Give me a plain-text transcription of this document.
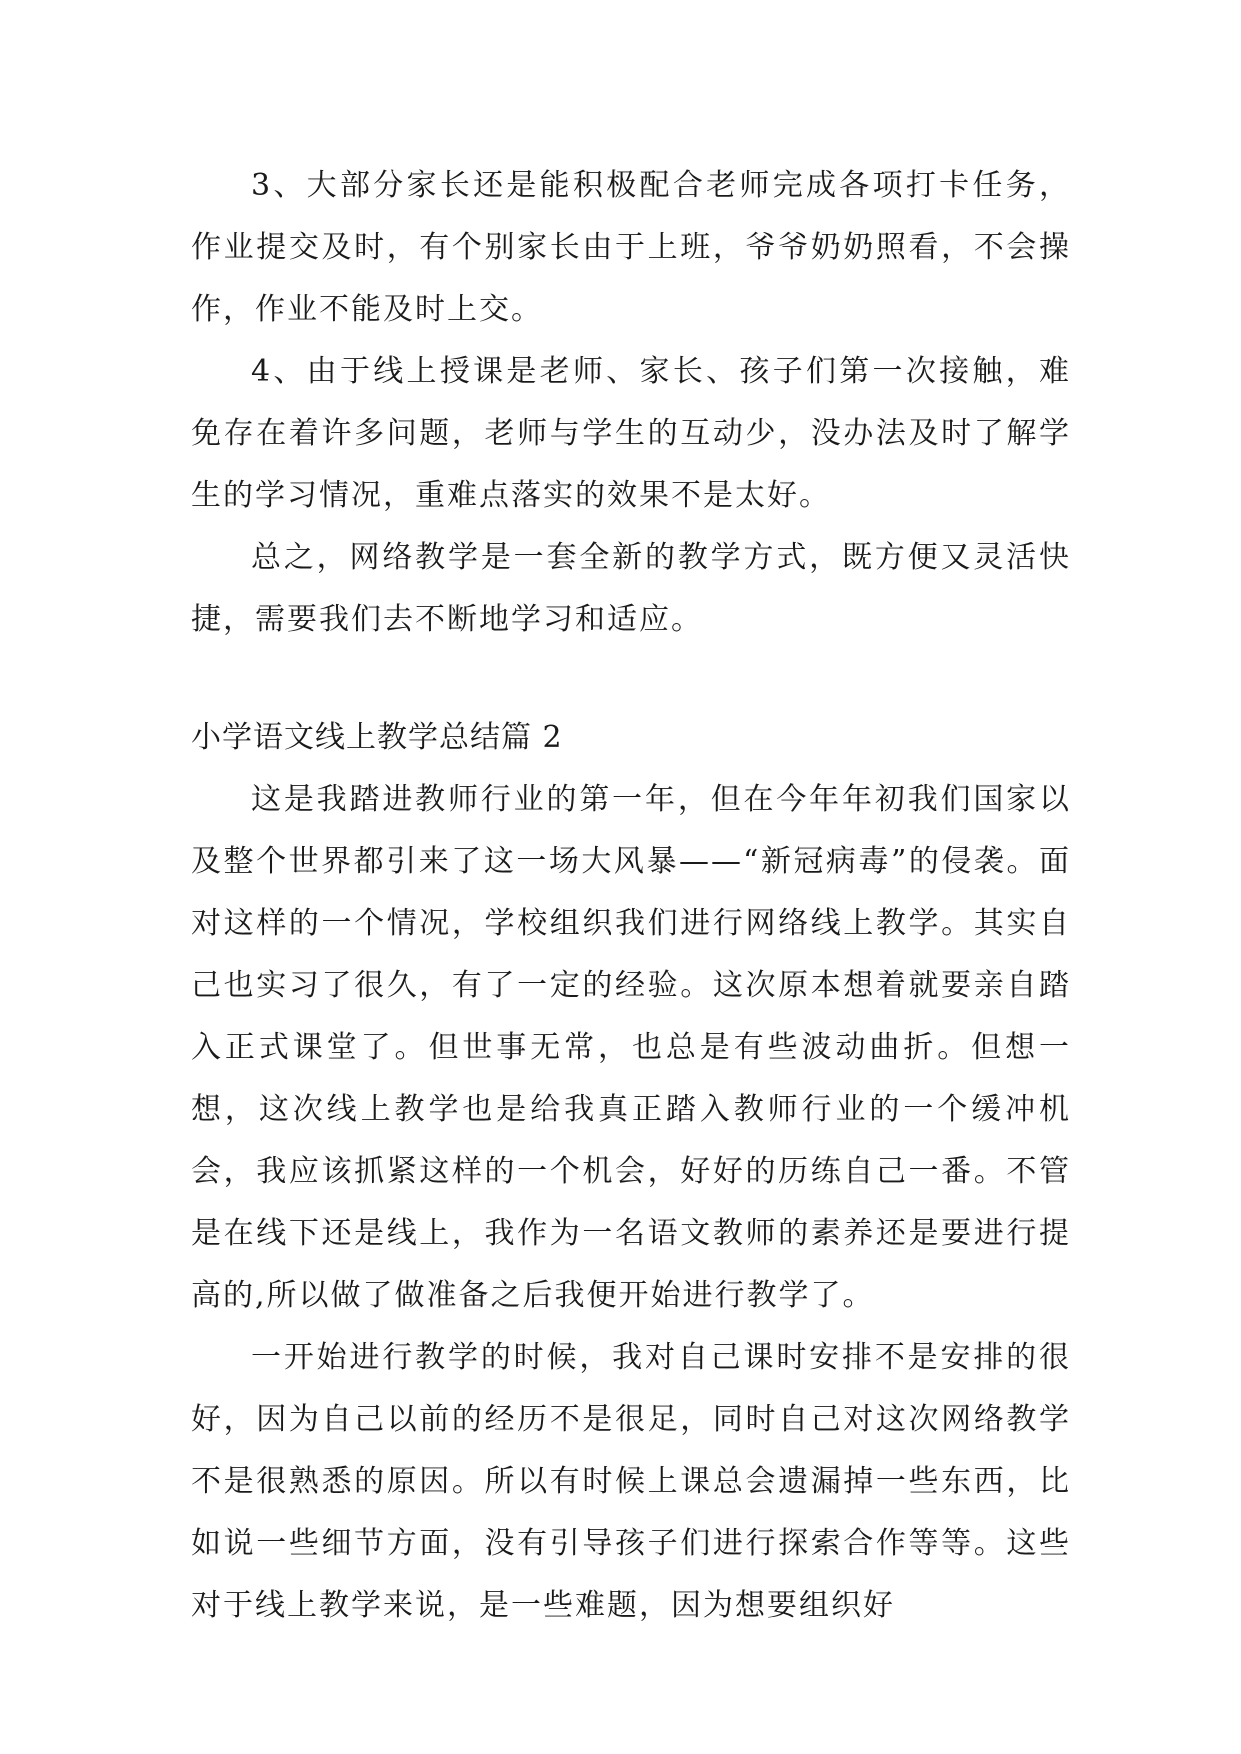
3、大部分家长还是能积极配合老师完成各项打卡任务，作业提交及时，有个别家长由于上班，爷爷奶奶照看，不会操作，作业不能及时上交。

4、由于线上授课是老师、家长、孩子们第一次接触，难免存在着许多问题，老师与学生的互动少，没办法及时了解学生的学习情况，重难点落实的效果不是太好。

总之，网络教学是一套全新的教学方式，既方便又灵活快捷，需要我们去不断地学习和适应。

小学语文线上教学总结篇 2

这是我踏进教师行业的第一年，但在今年年初我们国家以及整个世界都引来了这一场大风暴——“新冠病毒”的侵袭。面对这样的一个情况，学校组织我们进行网络线上教学。其实自己也实习了很久，有了一定的经验。这次原本想着就要亲自踏入正式课堂了。但世事无常，也总是有些波动曲折。但想一想，这次线上教学也是给我真正踏入教师行业的一个缓冲机会，我应该抓紧这样的一个机会，好好的历练自己一番。不管是在线下还是线上，我作为一名语文教师的素养还是要进行提高的,所以做了做准备之后我便开始进行教学了。

一开始进行教学的时候，我对自己课时安排不是安排的很好，因为自己以前的经历不是很足，同时自己对这次网络教学不是很熟悉的原因。所以有时候上课总会遗漏掉一些东西，比如说一些细节方面，没有引导孩子们进行探索合作等等。这些对于线上教学来说，是一些难题，因为想要组织好
